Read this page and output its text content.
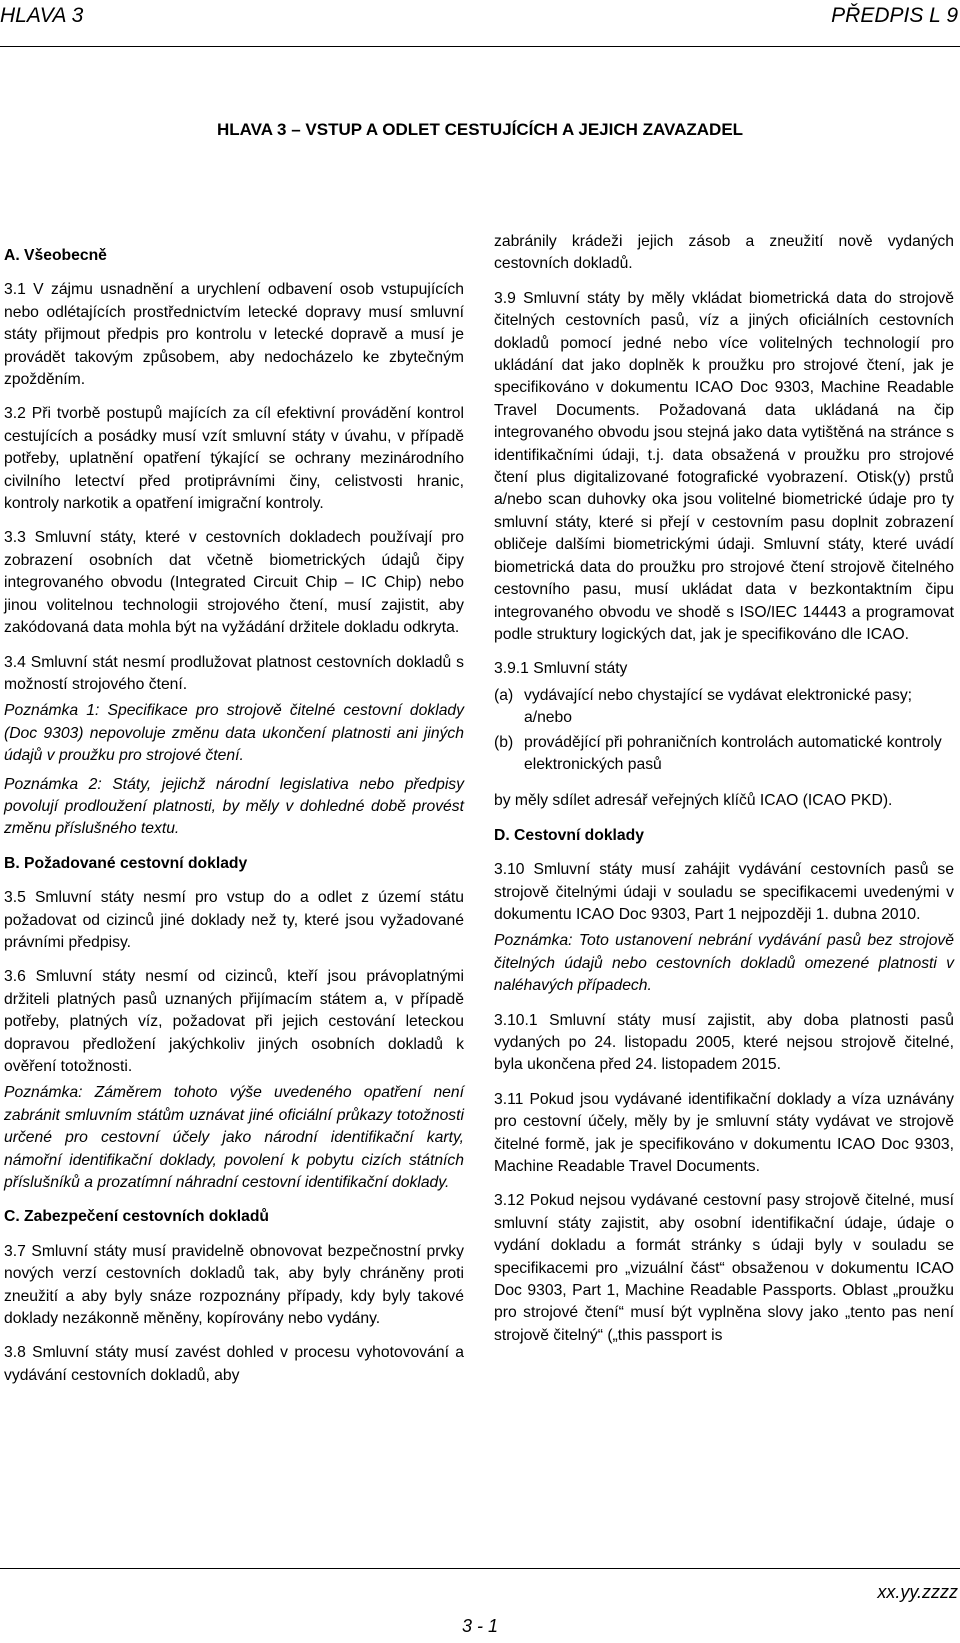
HLAVA 3	PŘEDPIS L 9
HLAVA 3 – VSTUP A ODLET CESTUJÍCÍCH A JEJICH ZAVAZADEL
A. Všeobecně

3.1 V zájmu usnadnění a urychlení odbavení osob vstupujících nebo odlétajících prostřednictvím letecké dopravy musí smluvní státy přijmout předpis pro kontrolu v letecké dopravě a musí je provádět takovým způsobem, aby nedocházelo ke zbytečným zpožděním.

3.2 Při tvorbě postupů majících za cíl efektivní provádění kontrol cestujících a posádky musí vzít smluvní státy v úvahu, v případě potřeby, uplatnění opatření týkající se ochrany mezinárodního civilního letectví před protiprávními činy, celistvosti hranic, kontroly narkotik a opatření imigrační kontroly.

3.3 Smluvní státy, které v cestovních dokladech používají pro zobrazení osobních dat včetně biometrických údajů čipy integrovaného obvodu (Integrated Circuit Chip – IC Chip) nebo jinou volitelnou technologii strojového čtení, musí zajistit, aby zakódovaná data mohla být na vyžádání držitele dokladu odkryta.

3.4 Smluvní stát nesmí prodlužovat platnost cestovních dokladů s možností strojového čtení.

Poznámka 1: Specifikace pro strojově čitelné cestovní doklady (Doc 9303) nepovoluje změnu data ukončení platnosti ani jiných údajů v proužku pro strojové čtení.
Poznámka 2: Státy, jejichž národní legislativa nebo předpisy povolují prodloužení platnosti, by měly v dohledné době provést změnu příslušného textu.
B. Požadované cestovní doklady

3.5 Smluvní státy nesmí pro vstup do a odlet z území státu požadovat od cizinců jiné doklady než ty, které jsou vyžadované právními předpisy.

3.6 Smluvní státy nesmí od cizinců, kteří jsou právoplatnými držiteli platných pasů uznaných přijímacím státem a, v případě potřeby, platných víz, požadovat při jejich cestování leteckou dopravou předložení jakýchkoliv jiných osobních dokladů k ověření totožnosti.

Poznámka: Záměrem tohoto výše uvedeného opatření není zabránit smluvním státům uznávat jiné oficiální průkazy totožnosti určené pro cestovní účely jako národní identifikační karty, námořní identifikační doklady, povolení k pobytu cizích státních příslušníků a prozatímní náhradní cestovní identifikační doklady.
C. Zabezpečení cestovních dokladů

3.7 Smluvní státy musí pravidelně obnovovat bezpečnostní prvky nových verzí cestovních dokladů tak, aby byly chráněny proti zneužití a aby byly snáze rozpoznány případy, kdy byly takové doklady nezákonně měněny, kopírovány nebo vydány.

3.8 Smluvní státy musí zavést dohled v procesu vyhotovování a vydávání cestovních dokladů, aby

zabránily krádeži jejich zásob a zneužití nově vydaných cestovních dokladů.

3.9 Smluvní státy by měly vkládat biometrická data do strojově čitelných cestovních pasů, víz a jiných oficiálních cestovních dokladů pomocí jedné nebo více volitelných technologií pro ukládání dat jako doplněk k proužku pro strojové čtení, jak je specifikováno v dokumentu ICAO Doc 9303, Machine Readable Travel Documents. Požadovaná data ukládaná na čip integrovaného obvodu jsou stejná jako data vytištěná na stránce s identifikačními údaji, t.j. data obsažená v proužku pro strojové čtení plus digitalizované fotografické vyobrazení. Otisk(y) prstů a/nebo scan duhovky oka jsou volitelné biometrické údaje pro ty smluvní státy, které si přejí v cestovním pasu doplnit zobrazení obličeje dalšími biometrickými údaji. Smluvní státy, které uvádí biometrická data do proužku pro strojové čtení strojově čitelného cestovního pasu, musí ukládat data v bezkontaktním čipu integrovaného obvodu ve shodě s ISO/IEC 14443 a programovat podle struktury logických dat, jak je specifikováno dle ICAO.

3.9.1 Smluvní státy

(a) vydávající nebo chystající se vydávat elektronické pasy; a/nebo
(b) provádějící při pohraničních kontrolách automatické kontroly elektronických pasů

by měly sdílet adresář veřejných klíčů ICAO (ICAO PKD).

D. Cestovní doklady

3.10 Smluvní státy musí zahájit vydávání cestovních pasů se strojově čitelnými údaji v souladu se specifikacemi uvedenými v dokumentu ICAO Doc 9303, Part 1 nejpozději 1. dubna 2010.

Poznámka: Toto ustanovení nebrání vydávání pasů bez strojově čitelných údajů nebo cestovních dokladů omezené platnosti v naléhavých případech.

3.10.1 Smluvní státy musí zajistit, aby doba platnosti pasů vydaných po 24. listopadu 2005, které nejsou strojově čitelné, byla ukončena před 24. listopadem 2015.

3.11 Pokud jsou vydávané identifikační doklady a víza uznávány pro cestovní účely, měly by je smluvní státy vydávat ve strojově čitelné formě, jak je specifikováno v dokumentu ICAO Doc 9303, Machine Readable Travel Documents.

3.12 Pokud nejsou vydávané cestovní pasy strojově čitelné, musí smluvní státy zajistit, aby osobní identifikační údaje, údaje o vydání dokladu a formát stránky s údaji byly v souladu se specifikacemi pro „vizuální část“ obsaženou v dokumentu ICAO Doc 9303, Part 1, Machine Readable Passports. Oblast „proužku pro strojové čtení“ musí být vyplněna slovy jako „tento pas není strojově čitelný“ („this passport is

xx.yy.zzzz
3 - 1
